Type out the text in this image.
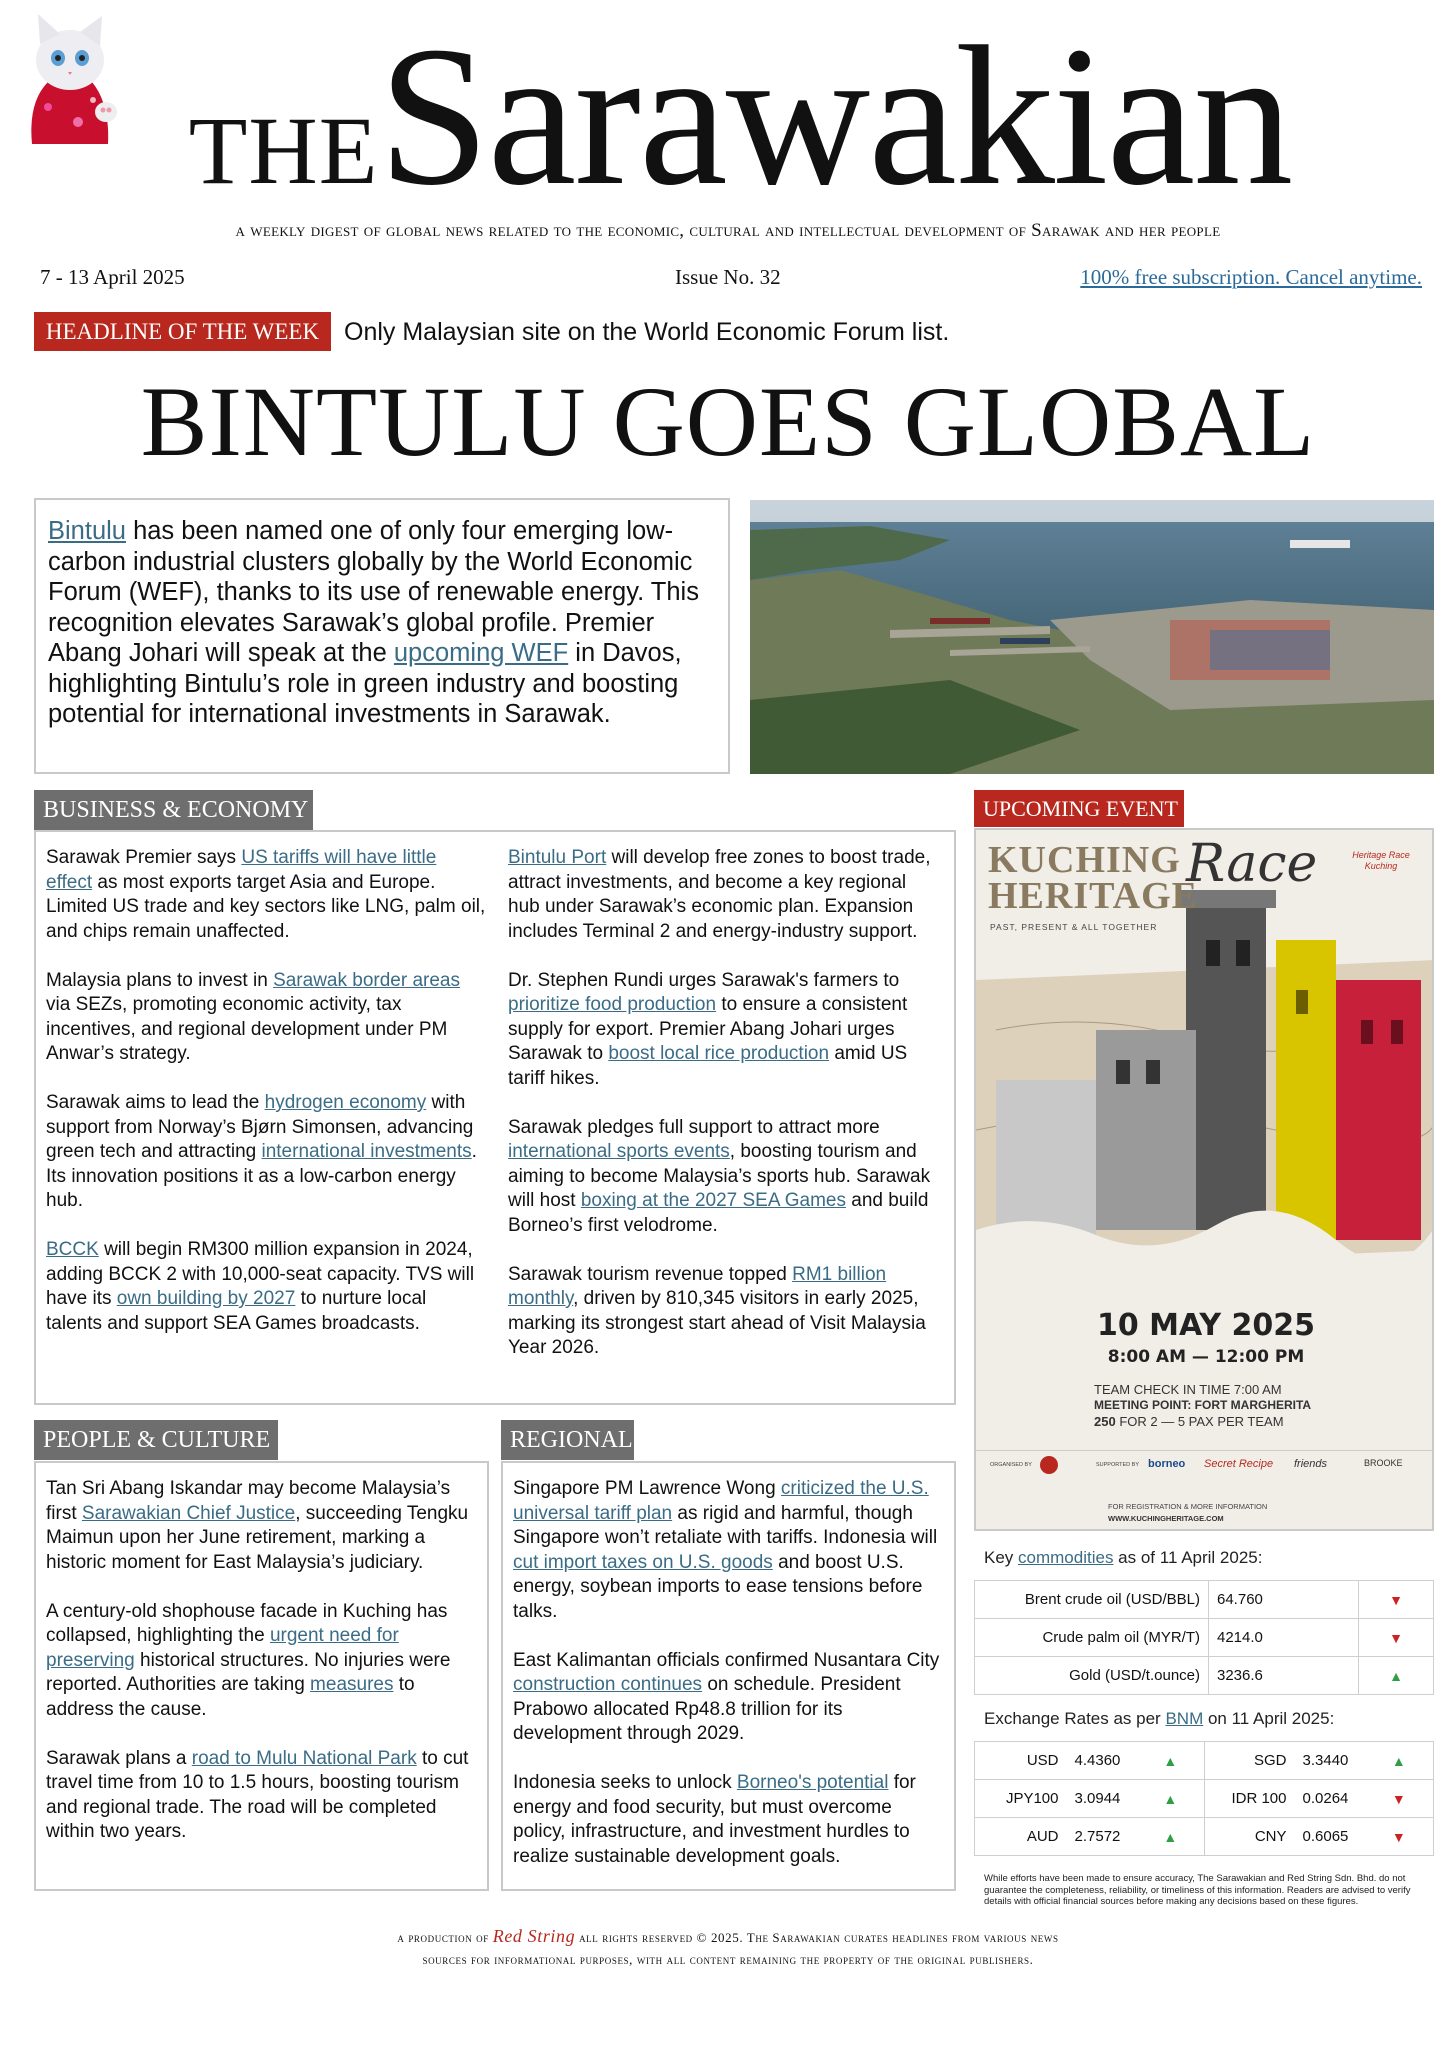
THESarawakian
a weekly digest of global news related to the economic, cultural and intellectual development of Sarawak and her people
7 - 13 April 2025	Issue No. 32	100% free subscription. Cancel anytime.
HEADLINE OF THE WEEK Only Malaysian site on the World Economic Forum list.
BINTULU GOES GLOBAL
Bintulu has been named one of only four emerging low-carbon industrial clusters globally by the World Economic Forum (WEF), thanks to its use of renewable energy. This recognition elevates Sarawak’s global profile. Premier Abang Johari will speak at the upcoming WEF in Davos, highlighting Bintulu’s role in green industry and boosting potential for international investments in Sarawak.
BUSINESS & ECONOMY

Sarawak Premier says US tariffs will have little effect as most exports target Asia and Europe. Limited US trade and key sectors like LNG, palm oil, and chips remain unaffected.

Malaysia plans to invest in Sarawak border areas via SEZs, promoting economic activity, tax incentives, and regional development under PM Anwar’s strategy.

Sarawak aims to lead the hydrogen economy with support from Norway’s Bjørn Simonsen, advancing green tech and attracting international investments. Its innovation positions it as a low-carbon energy hub.

BCCK will begin RM300 million expansion in 2024, adding BCCK 2 with 10,000-seat capacity. TVS will have its own building by 2027 to nurture local talents and support SEA Games broadcasts.

Bintulu Port will develop free zones to boost trade, attract investments, and become a key regional hub under Sarawak’s economic plan. Expansion includes Terminal 2 and energy-industry support.

Dr. Stephen Rundi urges Sarawak's farmers to prioritize food production to ensure a consistent supply for export. Premier Abang Johari urges Sarawak to boost local rice production amid US tariff hikes.

Sarawak pledges full support to attract more international sports events, boosting tourism and aiming to become Malaysia’s sports hub. Sarawak will host boxing at the 2027 SEA Games and build Borneo’s first velodrome.

Sarawak tourism revenue topped RM1 billion monthly, driven by 810,345 visitors in early 2025, marking its strongest start ahead of Visit Malaysia Year 2026.

PEOPLE & CULTURE

Tan Sri Abang Iskandar may become Malaysia’s first Sarawakian Chief Justice, succeeding Tengku Maimun upon her June retirement, marking a historic moment for East Malaysia’s judiciary.

A century-old shophouse facade in Kuching has collapsed, highlighting the urgent need for preserving historical structures. No injuries were reported. Authorities are taking measures to address the cause.

Sarawak plans a road to Mulu National Park to cut travel time from 10 to 1.5 hours, boosting tourism and regional trade. The road will be completed within two years.

REGIONAL

Singapore PM Lawrence Wong criticized the U.S. universal tariff plan as rigid and harmful, though Singapore won’t retaliate with tariffs. Indonesia will cut import taxes on U.S. goods and boost U.S. energy, soybean imports to ease tensions before talks.

East Kalimantan officials confirmed Nusantara City construction continues on schedule. President Prabowo allocated Rp48.8 trillion for its development through 2029.

Indonesia seeks to unlock Borneo's potential for energy and food security, but must overcome policy, infrastructure, and investment hurdles to realize sustainable development goals.

UPCOMING EVENT
KUCHING
HERITAGE
Race	Heritage Race Kuching
PAST, PRESENT & ALL TOGETHER
10 MAY 2025
8:00 AM — 12:00 PM
TEAM CHECK IN TIME 7:00 AM
MEETING POINT: FORT MARGHERITA
250 FOR 2 — 5 PAX PER TEAM
ORGANISED BY	SUPPORTED BY borneo Secret Recipe friends	BROOKE
FOR REGISTRATION & MORE INFORMATION
WWW.KUCHINGHERITAGE.COM
Key commodities as of 11 April 2025:
Brent crude oil (USD/BBL)	64.760	▼
Crude palm oil (MYR/T)	4214.0	▼
Gold (USD/t.ounce)	3236.6	▲
Exchange Rates as per BNM on 11 April 2025:
USD	4.4360	▲	SGD	3.3440	▲
JPY100	3.0944	▲	IDR 100	0.0264	▼
AUD	2.7572	▲	CNY	0.6065	▼
While efforts have been made to ensure accuracy, The Sarawakian and Red String Sdn. Bhd. do not guarantee the completeness, reliability, or timeliness of this information. Readers are advised to verify details with official financial sources before making any decisions based on these figures.
a production of Red String all rights reserved © 2025. The Sarawakian curates headlines from various news
sources for informational purposes, with all content remaining the property of the original publishers.
